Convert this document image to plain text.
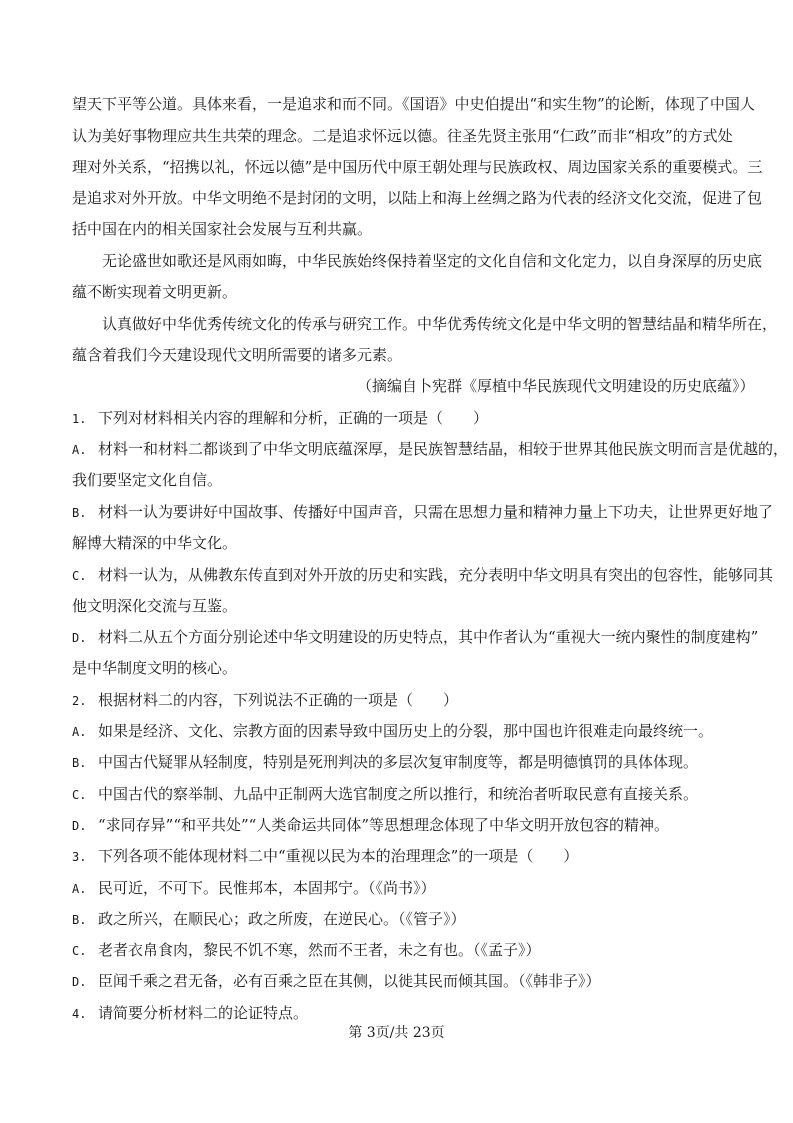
望天下平等公道。具体来看，一是追求和而不同。《国语》中史伯提出“和实生物”的论断，体现了中国人
认为美好事物理应共生共荣的理念。二是追求怀远以德。往圣先贤主张用“仁政”而非“相攻”的方式处
理对外关系，“招携以礼，怀远以德”是中国历代中原王朝处理与民族政权、周边国家关系的重要模式。三
是追求对外开放。中华文明绝不是封闭的文明，以陆上和海上丝绸之路为代表的经济文化交流，促进了包
括中国在内的相关国家社会发展与互利共赢。
无论盛世如歌还是风雨如晦，中华民族始终保持着坚定的文化自信和文化定力，以自身深厚的历史底
蕴不断实现着文明更新。
认真做好中华优秀传统文化的传承与研究工作。中华优秀传统文化是中华文明的智慧结晶和精华所在，
蕴含着我们今天建设现代文明所需要的诸多元素。
（摘编自卜宪群《厚植中华民族现代文明建设的历史底蕴》）
1. 下列对材料相关内容的理解和分析，正确的一项是（　　）
A. 材料一和材料二都谈到了中华文明底蕴深厚，是民族智慧结晶，相较于世界其他民族文明而言是优越的，
我们要坚定文化自信。
B. 材料一认为要讲好中国故事、传播好中国声音，只需在思想力量和精神力量上下功夫，让世界更好地了
解博大精深的中华文化。
C. 材料一认为，从佛教东传直到对外开放的历史和实践，充分表明中华文明具有突出的包容性，能够同其
他文明深化交流与互鉴。
D. 材料二从五个方面分别论述中华文明建设的历史特点，其中作者认为“重视大一统内聚性的制度建构”
是中华制度文明的核心。
2. 根据材料二的内容，下列说法不正确的一项是（　　）
A. 如果是经济、文化、宗教方面的因素导致中国历史上的分裂，那中国也许很难走向最终统一。
B. 中国古代疑罪从轻制度，特别是死刑判决的多层次复审制度等，都是明德慎罚的具体体现。
C. 中国古代的察举制、九品中正制两大选官制度之所以推行，和统治者听取民意有直接关系。
D. “求同存异”“和平共处”“人类命运共同体”等思想理念体现了中华文明开放包容的精神。
3. 下列各项不能体现材料二中“重视以民为本的治理理念”的一项是（　　）
A. 民可近，不可下。民惟邦本，本固邦宁。（《尚书》）
B. 政之所兴，在顺民心；政之所废，在逆民心。（《管子》）
C. 老者衣帛食肉，黎民不饥不寒，然而不王者，未之有也。（《孟子》）
D. 臣闻千乘之君无备，必有百乘之臣在其侧，以徙其民而倾其国。（《韩非子》）
4. 请简要分析材料二的论证特点。
第 3页/共 23页
